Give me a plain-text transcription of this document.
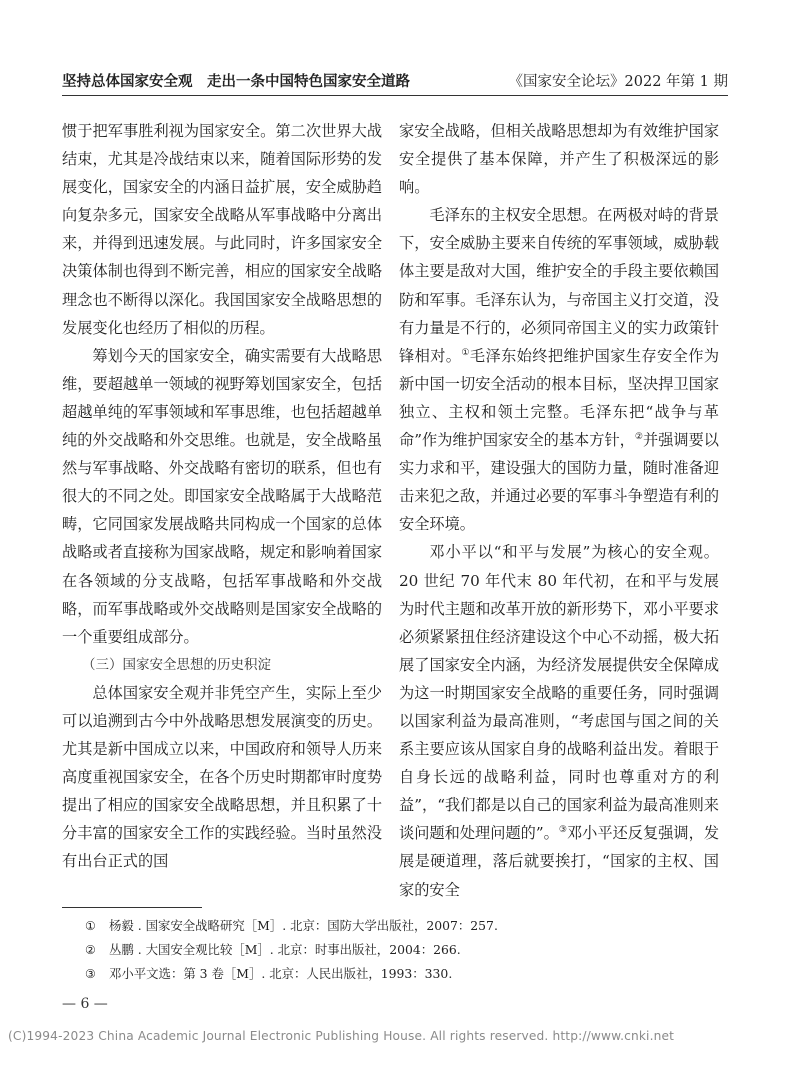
坚持总体国家安全观　走出一条中国特色国家安全道路	《国家安全论坛》2022 年第 1 期

惯于把军事胜利视为国家安全。第二次世界大战结束，尤其是冷战结束以来，随着国际形势的发展变化，国家安全的内涵日益扩展，安全威胁趋向复杂多元，国家安全战略从军事战略中分离出来，并得到迅速发展。与此同时，许多国家安全决策体制也得到不断完善，相应的国家安全战略理念也不断得以深化。我国国家安全战略思想的发展变化也经历了相似的历程。

筹划今天的国家安全，确实需要有大战略思维，要超越单一领域的视野筹划国家安全，包括超越单纯的军事领域和军事思维，也包括超越单纯的外交战略和外交思维。也就是，安全战略虽然与军事战略、外交战略有密切的联系，但也有很大的不同之处。即国家安全战略属于大战略范畴，它同国家发展战略共同构成一个国家的总体战略或者直接称为国家战略，规定和影响着国家在各领域的分支战略，包括军事战略和外交战略，而军事战略或外交战略则是国家安全战略的一个重要组成部分。

（三）国家安全思想的历史积淀

总体国家安全观并非凭空产生，实际上至少可以追溯到古今中外战略思想发展演变的历史。尤其是新中国成立以来，中国政府和领导人历来高度重视国家安全，在各个历史时期都审时度势提出了相应的国家安全战略思想，并且积累了十分丰富的国家安全工作的实践经验。当时虽然没有出台正式的国

家安全战略，但相关战略思想却为有效维护国家安全提供了基本保障，并产生了积极深远的影响。

毛泽东的主权安全思想。在两极对峙的背景下，安全威胁主要来自传统的军事领域，威胁载体主要是敌对大国，维护安全的手段主要依赖国防和军事。毛泽东认为，与帝国主义打交道，没有力量是不行的，必须同帝国主义的实力政策针锋相对。①毛泽东始终把维护国家生存安全作为新中国一切安全活动的根本目标，坚决捍卫国家独立、主权和领土完整。毛泽东把“战争与革命”作为维护国家安全的基本方针，②并强调要以实力求和平，建设强大的国防力量，随时准备迎击来犯之敌，并通过必要的军事斗争塑造有利的安全环境。

邓小平以“和平与发展”为核心的安全观。20 世纪 70 年代末 80 年代初，在和平与发展为时代主题和改革开放的新形势下，邓小平要求必须紧紧扭住经济建设这个中心不动摇，极大拓展了国家安全内涵，为经济发展提供安全保障成为这一时期国家安全战略的重要任务，同时强调以国家利益为最高准则，“考虑国与国之间的关系主要应该从国家自身的战略利益出发。着眼于自身长远的战略利益，同时也尊重对方的利益”，“我们都是以自己的国家利益为最高准则来谈问题和处理问题的”。③邓小平还反复强调，发展是硬道理，落后就要挨打，“国家的主权、国家的安全

① 杨毅 . 国家安全战略研究［M］. 北京：国防大学出版社，2007：257.
② 丛鹏 . 大国安全观比较［M］. 北京：时事出版社，2004：266.
③ 邓小平文选：第 3 卷［M］. 北京：人民出版社，1993：330.
— 6 —
(C)1994-2023 China Academic Journal Electronic Publishing House. All rights reserved. http://www.cnki.net
